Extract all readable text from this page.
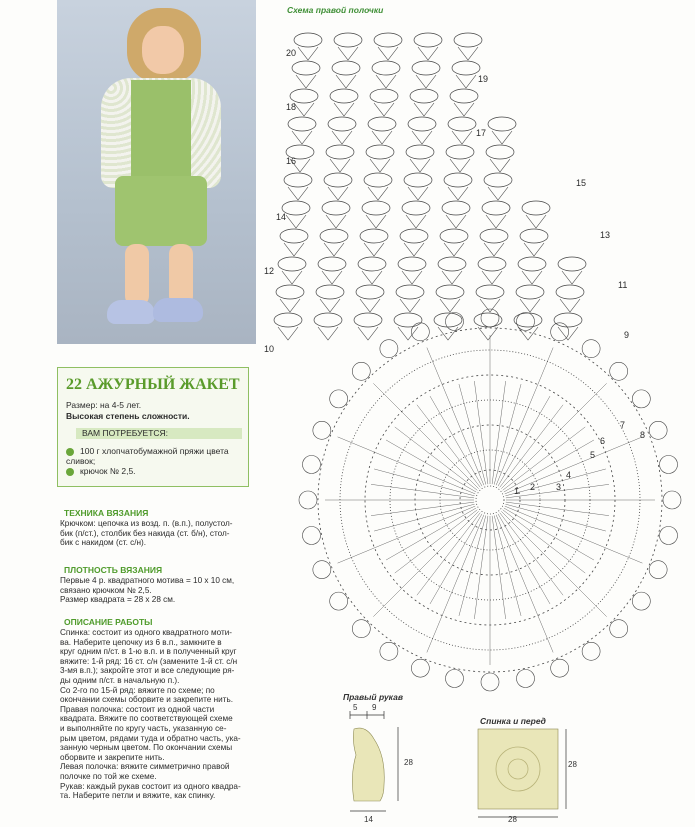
22 АЖУРНЫЙ ЖАКЕТ
Размер: на 4-5 лет.
Высокая степень сложности.
ВАМ ПОТРЕБУЕТСЯ:
100 г хлопчатобумажной пряжи цвета сливок;
крючок № 2,5.
ТЕХНИКА ВЯЗАНИЯ
Крючком: цепочка из возд. п. (в.п.), полустол-
бик (п/ст.), столбик без накида (ст. б/н), стол-
бик с накидом (ст. с/н).
ПЛОТНОСТЬ ВЯЗАНИЯ
Первые 4 р. квадратного мотива = 10 х 10 см,
связано крючком № 2,5.
Размер квадрата = 28 х 28 см.
ОПИСАНИЕ РАБОТЫ
Спинка: состоит из одного квадратного моти-
ва. Наберите цепочку из 6 в.п., замкните в
круг одним п/ст. в 1-ю в.п. и в полученный круг
вяжите: 1-й ряд: 16 ст. с/н (замените 1-й ст. с/н
3-мя в.п.); закройте этот и все следующие ря-
ды одним п/ст. в начальную п.).
Со 2-го по 15-й ряд: вяжите по схеме; по
окончании схемы оборвите и закрепите нить.
Правая полочка: состоит из одной части
квадрата. Вяжите по соответствующей схеме
и выполняйте по кругу часть, указанную се-
рым цветом, рядами туда и обратно часть, ука-
занную черным цветом. По окончании схемы
оборвите и закрепите нить.
Левая полочка: вяжите симметрично правой
полочке по той же схеме.
Рукав: каждый рукав состоит из одного квадра-
та. Наберите петли и вяжите, как спинку.
Схема правой полочки
20
19
18
17
16
15
14
13
12
11
10
9
8
7
6
5
4
3
2
1
Правый рукав
5 9
28
14
Спинка и перед
28
28
